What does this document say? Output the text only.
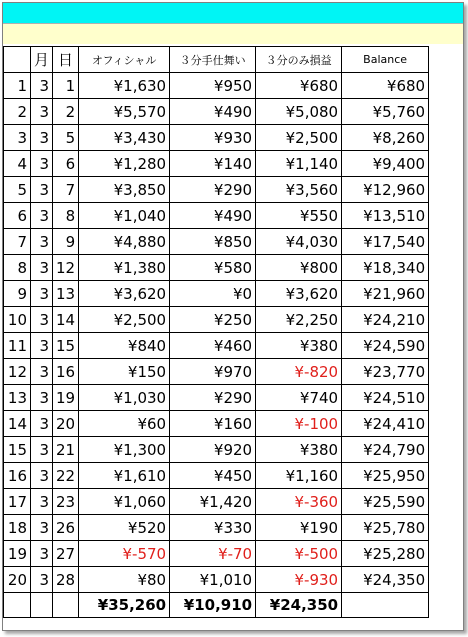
	月	日	オフィシャル	３分手仕舞い	３分のみ損益	Balance
1	3	1	¥1,630	¥950	¥680	¥680
2	3	2	¥5,570	¥490	¥5,080	¥5,760
3	3	5	¥3,430	¥930	¥2,500	¥8,260
4	3	6	¥1,280	¥140	¥1,140	¥9,400
5	3	7	¥3,850	¥290	¥3,560	¥12,960
6	3	8	¥1,040	¥490	¥550	¥13,510
7	3	9	¥4,880	¥850	¥4,030	¥17,540
8	3	12	¥1,380	¥580	¥800	¥18,340
9	3	13	¥3,620	¥0	¥3,620	¥21,960
10	3	14	¥2,500	¥250	¥2,250	¥24,210
11	3	15	¥840	¥460	¥380	¥24,590
12	3	16	¥150	¥970	¥-820	¥23,770
13	3	19	¥1,030	¥290	¥740	¥24,510
14	3	20	¥60	¥160	¥-100	¥24,410
15	3	21	¥1,300	¥920	¥380	¥24,790
16	3	22	¥1,610	¥450	¥1,160	¥25,950
17	3	23	¥1,060	¥1,420	¥-360	¥25,590
18	3	26	¥520	¥330	¥190	¥25,780
19	3	27	¥-570	¥-70	¥-500	¥25,280
20	3	28	¥80	¥1,010	¥-930	¥24,350
			¥35,260	¥10,910	¥24,350	
